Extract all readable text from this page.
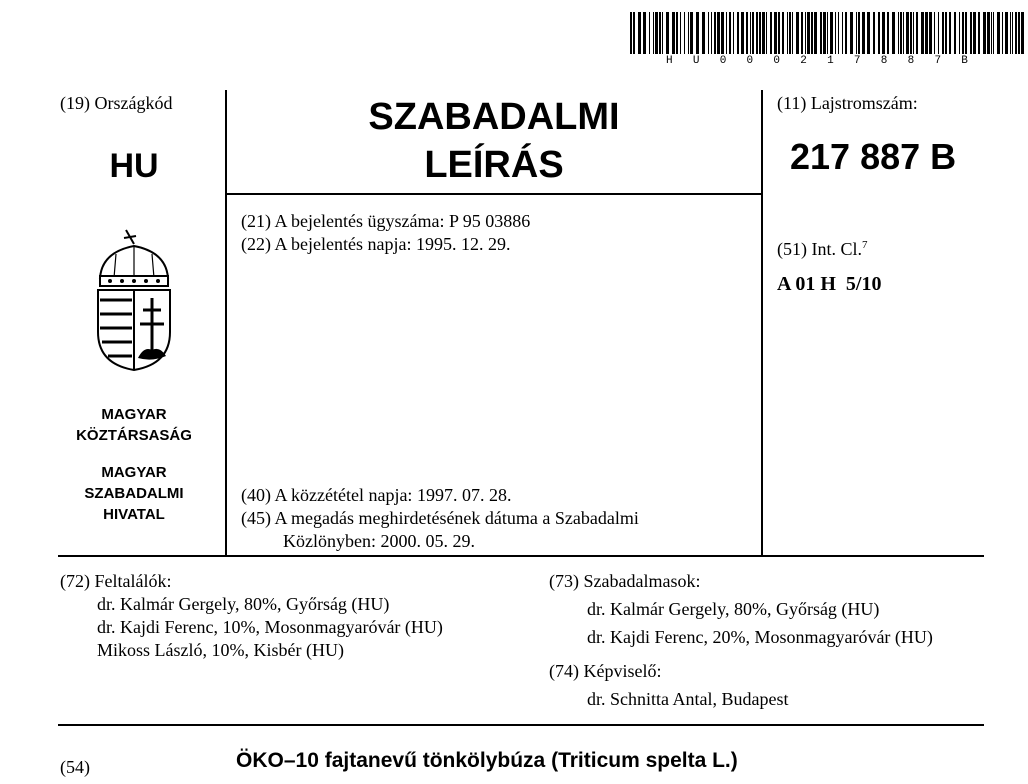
H U 0 0 0 2 1 7 8 8 7 B
(19) Országkód
HU
MAGYAR
KÖZTÁRSASÁG
MAGYAR
SZABADALMI
HIVATAL
SZABADALMI
LEÍRÁS
(21) A bejelentés ügyszáma: P 95 03886
(22) A bejelentés napja: 1995. 12. 29.
(40) A közzététel napja: 1997. 07. 28.
(45) A megadás meghirdetésének dátuma a Szabadalmi
Közlönyben: 2000. 05. 29.
(11) Lajstromszám:
217 887 B
(51) Int. Cl.$^7$
A 01 H  5/10
(72) Feltalálók:
dr. Kalmár Gergely, 80%, Győrság (HU)
dr. Kajdi Ferenc, 10%, Mosonmagyaróvár (HU)
Mikoss László, 10%, Kisbér (HU)
(73) Szabadalmasok:
dr. Kalmár Gergely, 80%, Győrság (HU)
dr. Kajdi Ferenc, 20%, Mosonmagyaróvár (HU)
(74) Képviselő:
dr. Schnitta Antal, Budapest
(54)	ÖKO–10 fajtanevű tönkölybúza (Triticum spelta L.)
